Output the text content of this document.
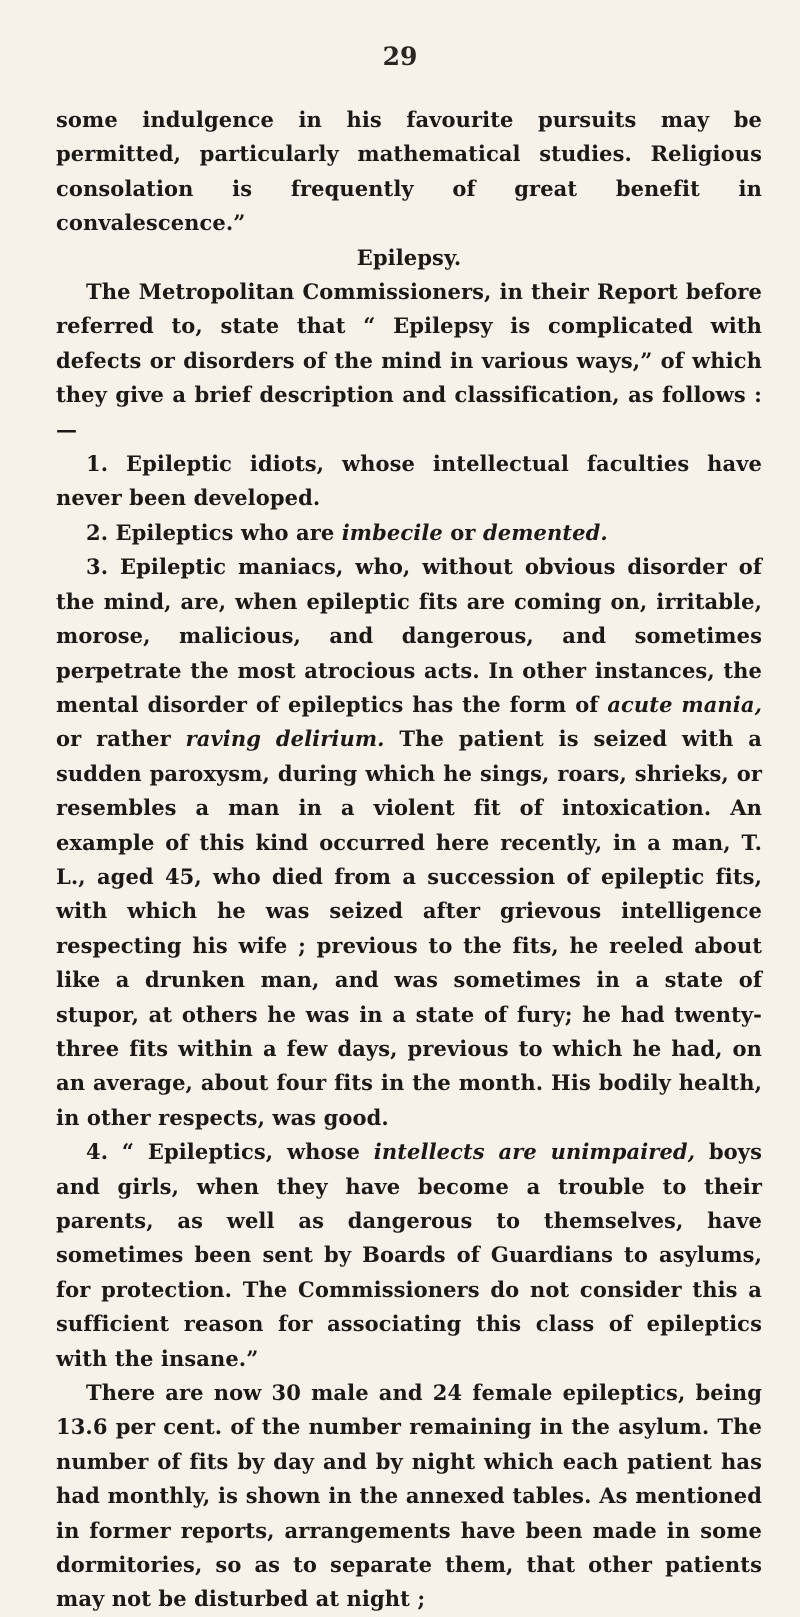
29

some indulgence in his favourite pursuits may be permitted, particularly mathematical studies. Religious consolation is frequently of great benefit in convalescence.”

Epilepsy.

The Metropolitan Commissioners, in their Report before referred to, state that “ Epilepsy is complicated with defects or disorders of the mind in various ways,” of which they give a brief description and classification, as follows :—

1. Epileptic idiots, whose intellectual faculties have never been developed.

2. Epileptics who are imbecile or demented.

3. Epileptic maniacs, who, without obvious disorder of the mind, are, when epileptic fits are coming on, irritable, morose, malicious, and dangerous, and sometimes perpetrate the most atrocious acts. In other instances, the mental disorder of epileptics has the form of acute mania, or rather raving delirium. The patient is seized with a sudden paroxysm, during which he sings, roars, shrieks, or resembles a man in a violent fit of intoxication. An example of this kind occurred here recently, in a man, T. L., aged 45, who died from a succession of epileptic fits, with which he was seized after grievous intelligence respecting his wife ; previous to the fits, he reeled about like a drunken man, and was sometimes in a state of stupor, at others he was in a state of fury; he had twenty-three fits within a few days, previous to which he had, on an average, about four fits in the month. His bodily health, in other respects, was good.

4. “ Epileptics, whose intellects are unimpaired, boys and girls, when they have become a trouble to their parents, as well as dangerous to themselves, have sometimes been sent by Boards of Guardians to asylums, for protection. The Commissioners do not consider this a sufficient reason for associating this class of epileptics with the insane.”

There are now 30 male and 24 female epileptics, being 13.6 per cent. of the number remaining in the asylum. The number of fits by day and by night which each patient has had monthly, is shown in the annexed tables. As mentioned in former reports, arrangements have been made in some dormitories, so as to separate them, that other patients may not be disturbed at night ;
